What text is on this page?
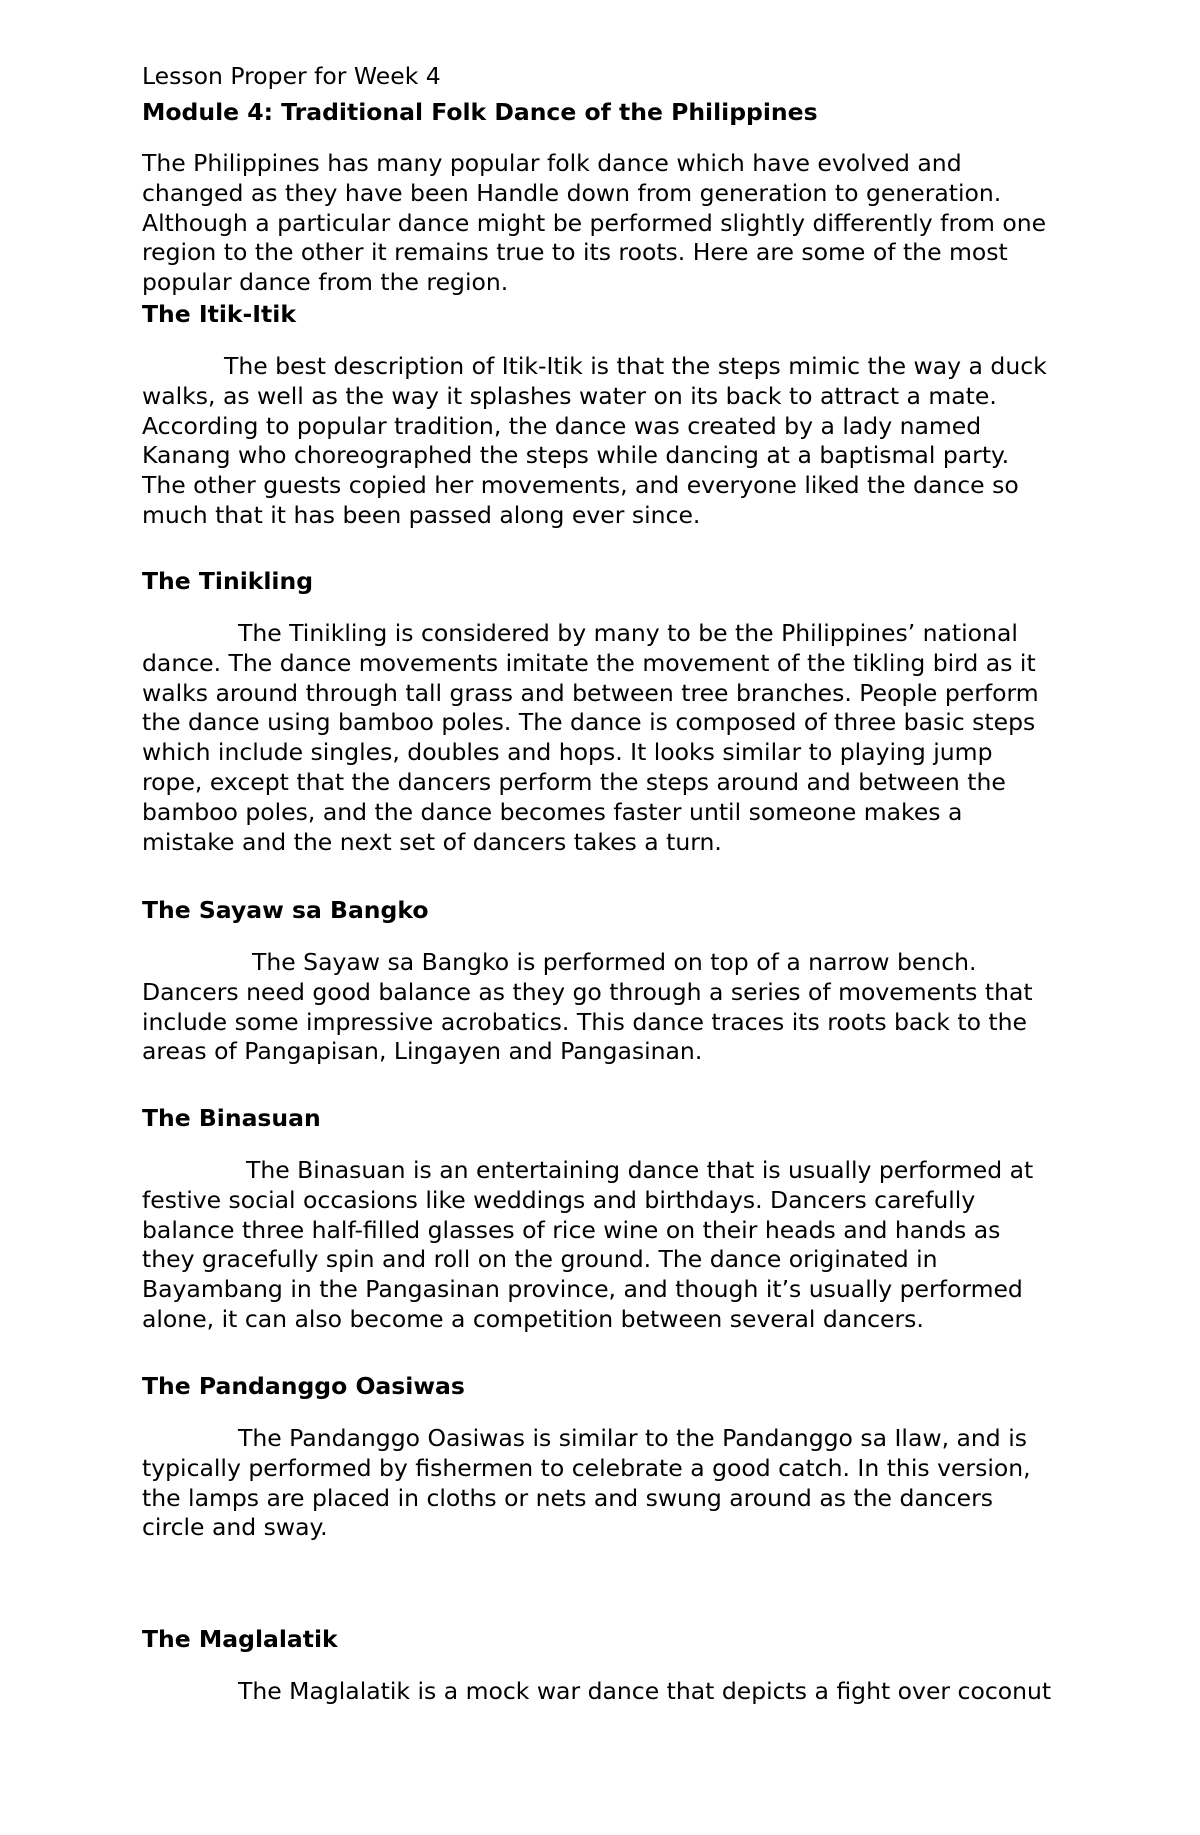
Lesson Proper for Week 4
Module 4: Traditional Folk Dance of the Philippines
The Philippines has many popular folk dance which have evolved and
changed as they have been Handle down from generation to generation.
Although a particular dance might be performed slightly differently from one
region to the other it remains true to its roots. Here are some of the most
popular dance from the region.
The Itik-Itik
The best description of Itik-Itik is that the steps mimic the way a duck
walks, as well as the way it splashes water on its back to attract a mate.
According to popular tradition, the dance was created by a lady named
Kanang who choreographed the steps while dancing at a baptismal party.
The other guests copied her movements, and everyone liked the dance so
much that it has been passed along ever since.
The Tinikling
The Tinikling is considered by many to be the Philippines’ national
dance. The dance movements imitate the movement of the tikling bird as it
walks around through tall grass and between tree branches. People perform
the dance using bamboo poles. The dance is composed of three basic steps
which include singles, doubles and hops. It looks similar to playing jump
rope, except that the dancers perform the steps around and between the
bamboo poles, and the dance becomes faster until someone makes a
mistake and the next set of dancers takes a turn.
The Sayaw sa Bangko
The Sayaw sa Bangko is performed on top of a narrow bench.
Dancers need good balance as they go through a series of movements that
include some impressive acrobatics. This dance traces its roots back to the
areas of Pangapisan, Lingayen and Pangasinan.
The Binasuan
The Binasuan is an entertaining dance that is usually performed at
festive social occasions like weddings and birthdays. Dancers carefully
balance three half-filled glasses of rice wine on their heads and hands as
they gracefully spin and roll on the ground. The dance originated in
Bayambang in the Pangasinan province, and though it’s usually performed
alone, it can also become a competition between several dancers.
The Pandanggo Oasiwas
The Pandanggo Oasiwas is similar to the Pandanggo sa Ilaw, and is
typically performed by fishermen to celebrate a good catch. In this version,
the lamps are placed in cloths or nets and swung around as the dancers
circle and sway.
The Maglalatik
The Maglalatik is a mock war dance that depicts a fight over coconut
